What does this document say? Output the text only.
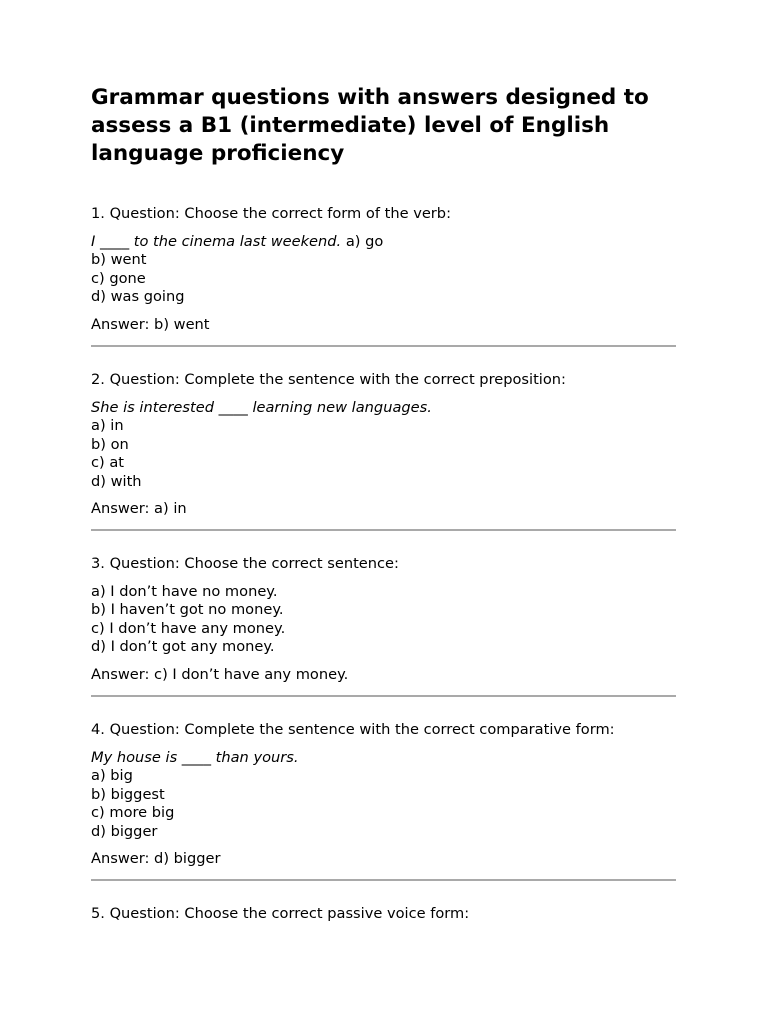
Grammar questions with answers designed to assess a B1 (intermediate) level of English language proficiency
1. Question: Choose the correct form of the verb:
I ____ to the cinema last weekend. a) go
b) went
c) gone
d) was going
Answer: b) went
2. Question: Complete the sentence with the correct preposition:
She is interested ____ learning new languages.
a) in
b) on
c) at
d) with
Answer: a) in
3. Question: Choose the correct sentence:
a) I don’t have no money.
b) I haven’t got no money.
c) I don’t have any money.
d) I don’t got any money.
Answer: c) I don’t have any money.
4. Question: Complete the sentence with the correct comparative form:
My house is ____ than yours.
a) big
b) biggest
c) more big
d) bigger
Answer: d) bigger
5. Question: Choose the correct passive voice form:
